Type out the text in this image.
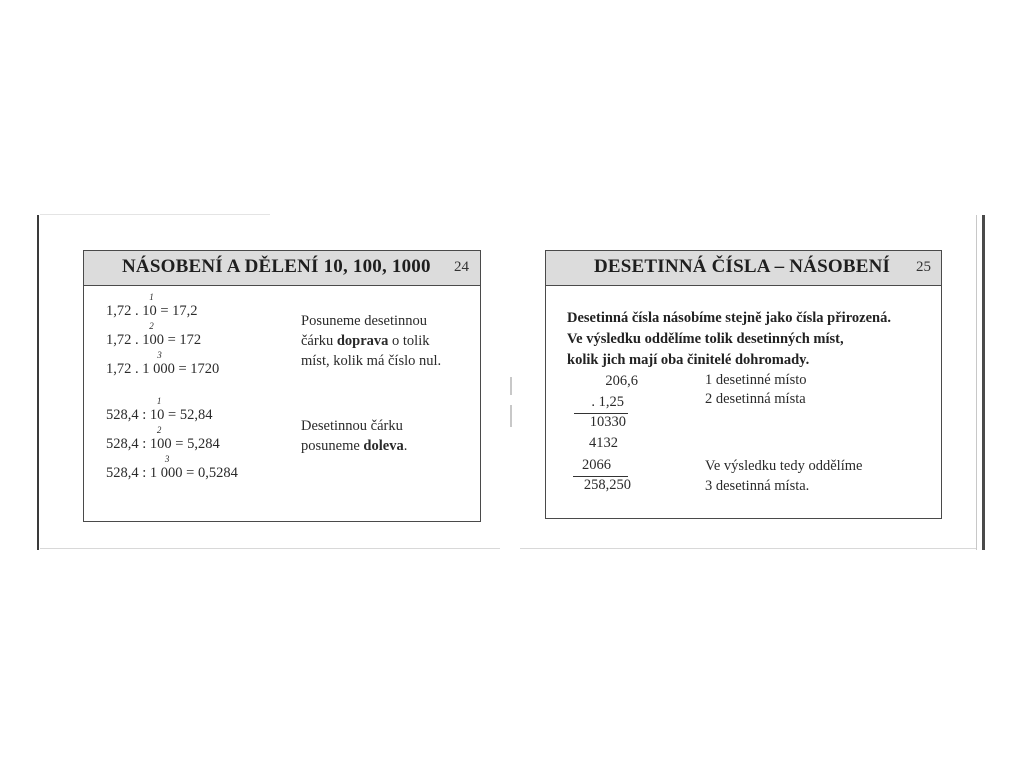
NÁSOBENÍ A DĚLENÍ 10, 100, 1000 24
1,72 .
1
10 = 17,2
1,72 .
2
100 = 172
1,72 .
3
1 000 = 1720
Posuneme desetinnou
čárku doprava o tolik
míst, kolik má číslo nul.
528,4 :
1
10 = 52,84
528,4 :
2
100 = 5,284
528,4 :
3
1 000 = 0,5284
Desetinnou čárku
posuneme doleva.
DESETINNÁ ČÍSLA – NÁSOBENÍ 25
Desetinná čísla násobíme stejně jako čísla přirozená.
Ve výsledku oddělíme tolik desetinných míst,
kolik jich mají oba činitelé dohromady.
206,6
. 1,25
10330
4132
2066
258,250
1 desetinné místo
2 desetinná místa
Ve výsledku tedy oddělíme
3 desetinná místa.
